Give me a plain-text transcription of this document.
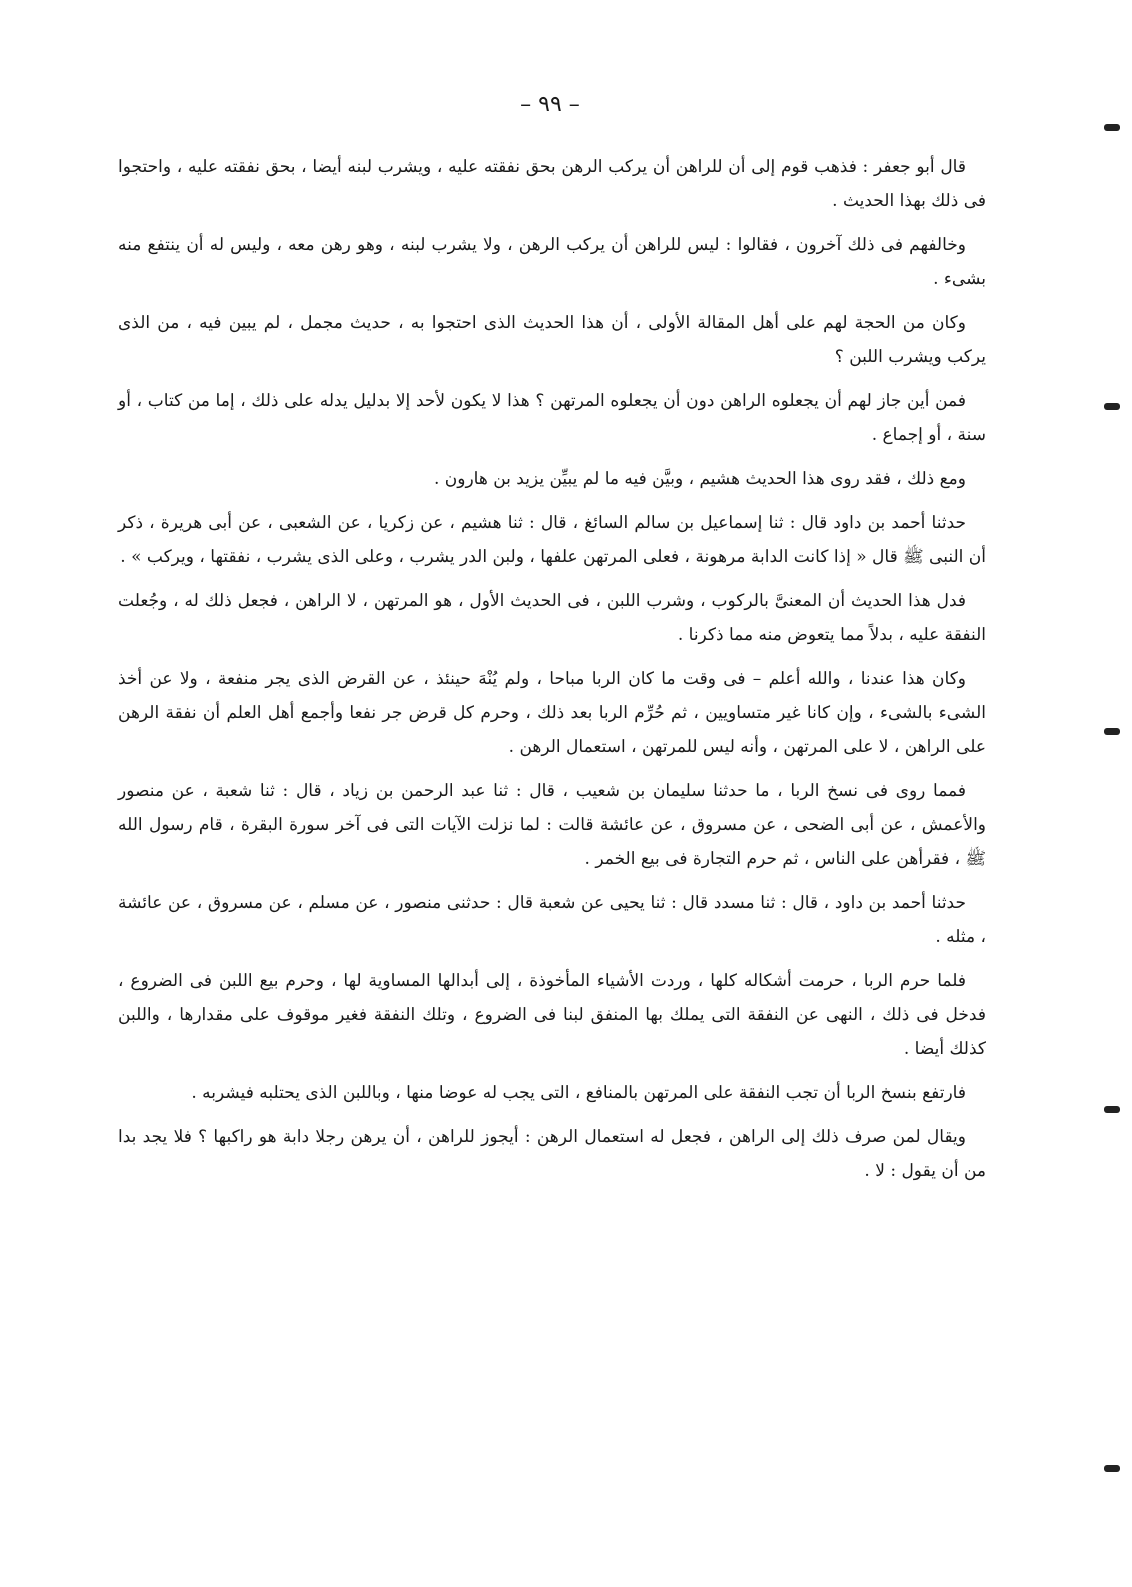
– ٩٩ –

قال أبو جعفر : فذهب قوم إلى أن للراهن أن يركب الرهن بحق نفقته عليه ، ويشرب لبنه أيضا ، بحق نفقته عليه ، واحتجوا فى ذلك بهذا الحديث .

وخالفهم فى ذلك آخرون ، فقالوا : ليس للراهن أن يركب الرهن ، ولا يشرب لبنه ، وهو رهن معه ، وليس له أن ينتفع منه بشىء .

وكان من الحجة لهم على أهل المقالة الأولى ، أن هذا الحديث الذى احتجوا به ، حديث مجمل ، لم يبين فيه ، من الذى يركب ويشرب اللبن ؟

فمن أين جاز لهم أن يجعلوه الراهن دون أن يجعلوه المرتهن ؟ هذا لا يكون لأحد إلا بدليل يدله على ذلك ، إما من كتاب ، أو سنة ، أو إجماع .

ومع ذلك ، فقد روى هذا الحديث هشيم ، وبيَّن فيه ما لم يبيِّن يزيد بن هارون .

حدثنا أحمد بن داود قال : ثنا إسماعيل بن سالم السائغ ، قال : ثنا هشيم ، عن زكريا ، عن الشعبى ، عن أبى هريرة ، ذكر أن النبى ﷺ قال « إذا كانت الدابة مرهونة ، فعلى المرتهن علفها ، ولبن الدر يشرب ، وعلى الذى يشرب ، نفقتها ، ويركب » .

فدل هذا الحديث أن المعنىَّ بالركوب ، وشرب اللبن ، فى الحديث الأول ، هو المرتهن ، لا الراهن ، فجعل ذلك له ، وجُعلت النفقة عليه ، بدلاً مما يتعوض منه مما ذكرنا .

وكان هذا عندنا ، والله أعلم – فى وقت ما كان الربا مباحا ، ولم يُنْهَ حينئذ ، عن القرض الذى يجر منفعة ، ولا عن أخذ الشىء بالشىء ، وإن كانا غير متساويين ، ثم حُرِّم الربا بعد ذلك ، وحرم كل قرض جر نفعا وأجمع أهل العلم أن نفقة الرهن على الراهن ، لا على المرتهن ، وأنه ليس للمرتهن ، استعمال الرهن .

فمما روى فى نسخ الربا ، ما حدثنا سليمان بن شعيب ، قال : ثنا عبد الرحمن بن زياد ، قال : ثنا شعبة ، عن منصور والأعمش ، عن أبى الضحى ، عن مسروق ، عن عائشة قالت : لما نزلت الآيات التى فى آخر سورة البقرة ، قام رسول الله ﷺ ، فقرأهن على الناس ، ثم حرم التجارة فى بيع الخمر .

حدثنا أحمد بن داود ، قال : ثنا مسدد قال : ثنا يحيى عن شعبة قال : حدثنى منصور ، عن مسلم ، عن مسروق ، عن عائشة ، مثله .

فلما حرم الربا ، حرمت أشكاله كلها ، وردت الأشياء المأخوذة ، إلى أبدالها المساوية لها ، وحرم بيع اللبن فى الضروع ، فدخل فى ذلك ، النهى عن النفقة التى يملك بها المنفق لبنا فى الضروع ، وتلك النفقة فغير موقوف على مقدارها ، واللبن كذلك أيضا .

فارتفع بنسخ الربا أن تجب النفقة على المرتهن بالمنافع ، التى يجب له عوضا منها ، وباللبن الذى يحتلبه فيشربه .

ويقال لمن صرف ذلك إلى الراهن ، فجعل له استعمال الرهن : أيجوز للراهن ، أن يرهن رجلا دابة هو راكبها ؟ فلا يجد بدا من أن يقول : لا .
